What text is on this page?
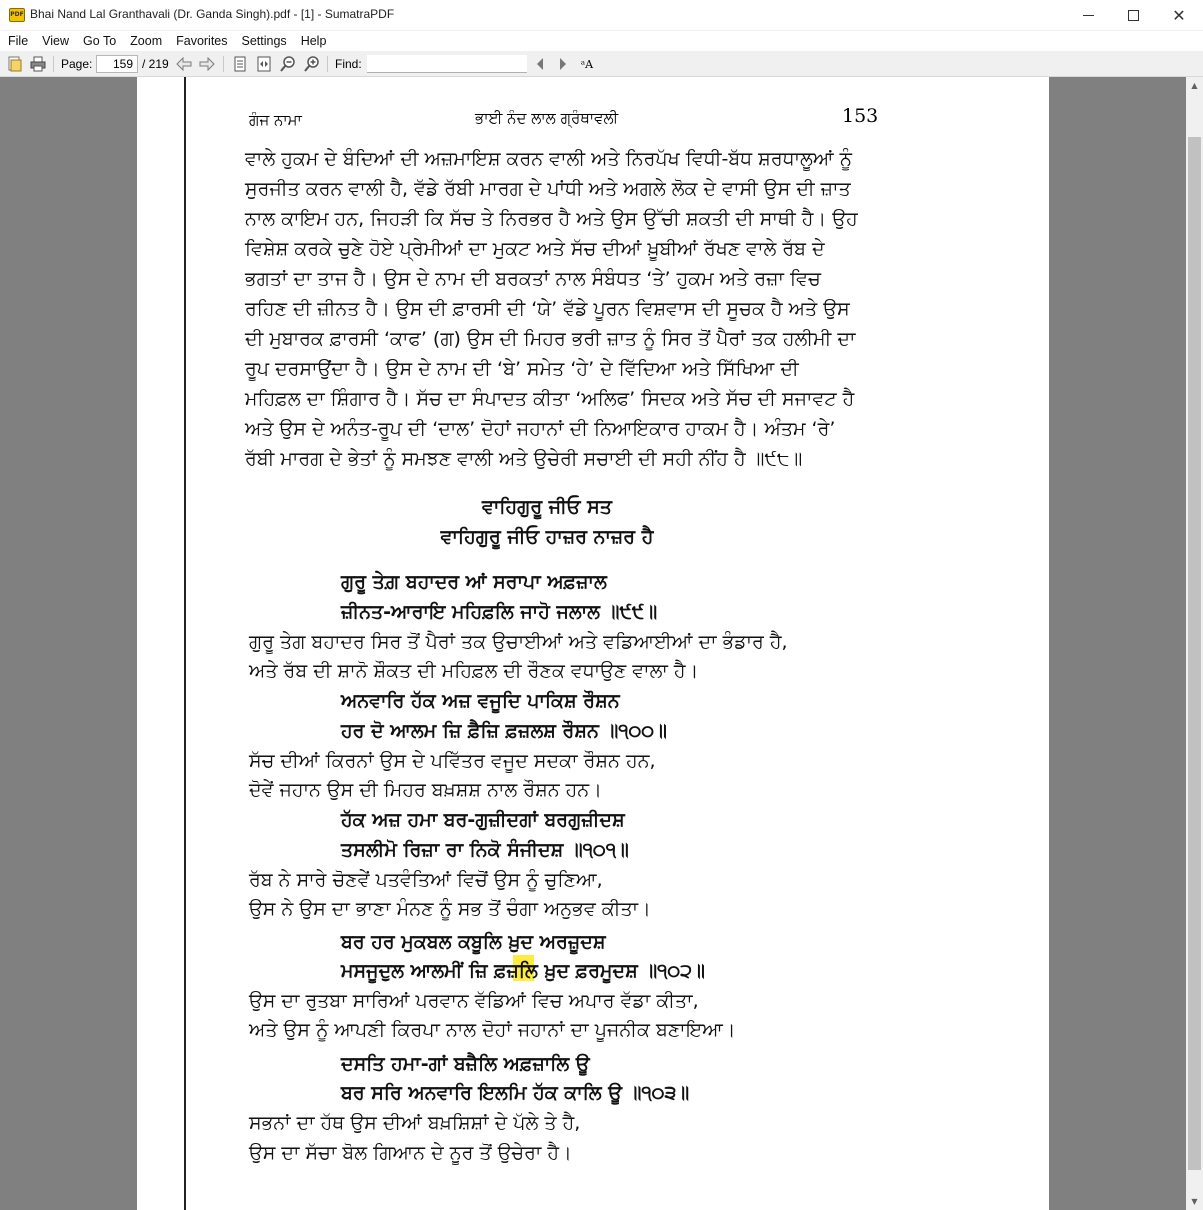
PDF Bhai Nand Lal Granthavali (Dr. Ganda Singh).pdf - [1] - SumatraPDF	✕
File	View	Go To	Zoom	Favorites	Settings	Help
Page:	159 / 219	Find:	ᵃA
ਗੰਜ ਨਾਮਾ	ਭਾਈ ਨੰਦ ਲਾਲ ਗ੍ਰੰਥਾਵਲੀ	153
ਵਾਲੇ ਹੁਕਮ ਦੇ ਬੰਦਿਆਂ ਦੀ ਅਜ਼ਮਾਇਸ਼ ਕਰਨ ਵਾਲੀ ਅਤੇ ਨਿਰਪੱਖ ਵਿਧੀ-ਬੱਧ ਸ਼ਰਧਾਲੂਆਂ ਨੂੰ
ਸੁਰਜੀਤ ਕਰਨ ਵਾਲੀ ਹੈ, ਵੱਡੇ ਰੱਬੀ ਮਾਰਗ ਦੇ ਪਾਂਧੀ ਅਤੇ ਅਗਲੇ ਲੋਕ ਦੇ ਵਾਸੀ ਉਸ ਦੀ ਜ਼ਾਤ
ਨਾਲ ਕਾਇਮ ਹਨ, ਜਿਹੜੀ ਕਿ ਸੱਚ ਤੇ ਨਿਰਭਰ ਹੈ ਅਤੇ ਉਸ ਉੱਚੀ ਸ਼ਕਤੀ ਦੀ ਸਾਥੀ ਹੈ। ਉਹ
ਵਿਸ਼ੇਸ਼ ਕਰਕੇ ਚੁਣੇ ਹੋਏ ਪ੍ਰੇਮੀਆਂ ਦਾ ਮੁਕਟ ਅਤੇ ਸੱਚ ਦੀਆਂ ਖ਼ੂਬੀਆਂ ਰੱਖਣ ਵਾਲੇ ਰੱਬ ਦੇ
ਭਗਤਾਂ ਦਾ ਤਾਜ ਹੈ। ਉਸ ਦੇ ਨਾਮ ਦੀ ਬਰਕਤਾਂ ਨਾਲ ਸੰਬੰਧਤ ‘ਤੇ’ ਹੁਕਮ ਅਤੇ ਰਜ਼ਾ ਵਿਚ
ਰਹਿਣ ਦੀ ਜ਼ੀਨਤ ਹੈ। ਉਸ ਦੀ ਫ਼ਾਰਸੀ ਦੀ ‘ਯੇ’ ਵੱਡੇ ਪੂਰਨ ਵਿਸ਼ਵਾਸ ਦੀ ਸੂਚਕ ਹੈ ਅਤੇ ਉਸ
ਦੀ ਮੁਬਾਰਕ ਫ਼ਾਰਸੀ ‘ਕਾਫ’ (ਗ) ਉਸ ਦੀ ਮਿਹਰ ਭਰੀ ਜ਼ਾਤ ਨੂੰ ਸਿਰ ਤੋਂ ਪੈਰਾਂ ਤਕ ਹਲੀਮੀ ਦਾ
ਰੂਪ ਦਰਸਾਉਂਦਾ ਹੈ। ਉਸ ਦੇ ਨਾਮ ਦੀ ‘ਬੇ’ ਸਮੇਤ ‘ਹੇ’ ਦੇ ਵਿੱਦਿਆ ਅਤੇ ਸਿੱਖਿਆ ਦੀ
ਮਹਿਫ਼ਲ ਦਾ ਸ਼ਿੰਗਾਰ ਹੈ। ਸੱਚ ਦਾ ਸੰਪਾਦਤ ਕੀਤਾ ‘ਅਲਿਫ’ ਸਿਦਕ ਅਤੇ ਸੱਚ ਦੀ ਸਜਾਵਟ ਹੈ
ਅਤੇ ਉਸ ਦੇ ਅਨੰਤ-ਰੂਪ ਦੀ ‘ਦਾਲ’ ਦੋਹਾਂ ਜਹਾਨਾਂ ਦੀ ਨਿਆਇਕਾਰ ਹਾਕਮ ਹੈ। ਅੰਤਮ ‘ਰੇ’
ਰੱਬੀ ਮਾਰਗ ਦੇ ਭੇਤਾਂ ਨੂੰ ਸਮਝਣ ਵਾਲੀ ਅਤੇ ਉਚੇਰੀ ਸਚਾਈ ਦੀ ਸਹੀ ਨੀਂਹ ਹੈ ॥੯੮॥
ਵਾਹਿਗੁਰੂ ਜੀਓ ਸਤ
ਵਾਹਿਗੁਰੂ ਜੀਓ ਹਾਜ਼ਰ ਨਾਜ਼ਰ ਹੈ
ਗੁਰੂ ਤੇਗ਼ ਬਹਾਦਰ ਆਂ ਸਰਾਪਾ ਅਫ਼ਜ਼ਾਲ
ਜ਼ੀਨਤ-ਆਰਾਇ ਮਹਿਫ਼ਲਿ ਜਾਹੋ ਜਲਾਲ ॥੯੯॥
ਗੁਰੂ ਤੇਗ ਬਹਾਦਰ ਸਿਰ ਤੋਂ ਪੈਰਾਂ ਤਕ ਉਚਾਈਆਂ ਅਤੇ ਵਡਿਆਈਆਂ ਦਾ ਭੰਡਾਰ ਹੈ,
ਅਤੇ ਰੱਬ ਦੀ ਸ਼ਾਨੋ ਸ਼ੌਕਤ ਦੀ ਮਹਿਫ਼ਲ ਦੀ ਰੌਣਕ ਵਧਾਉਣ ਵਾਲਾ ਹੈ।
ਅਨਵਾਰਿ ਹੱਕ ਅਜ਼ ਵਜੂਦਿ ਪਾਕਿਸ਼ ਰੌਸ਼ਨ
ਹਰ ਦੋ ਆਲਮ ਜ਼ਿ ਫ਼ੈਜ਼ਿ ਫ਼ਜ਼ਲਸ਼ ਰੌਸ਼ਨ ॥੧੦੦॥
ਸੱਚ ਦੀਆਂ ਕਿਰਨਾਂ ਉਸ ਦੇ ਪਵਿੱਤਰ ਵਜੂਦ ਸਦਕਾ ਰੌਸ਼ਨ ਹਨ,
ਦੋਵੇਂ ਜਹਾਨ ਉਸ ਦੀ ਮਿਹਰ ਬਖ਼ਸ਼ਸ਼ ਨਾਲ ਰੌਸ਼ਨ ਹਨ।
ਹੱਕ ਅਜ਼ ਹਮਾ ਬਰ-ਗੁਜ਼ੀਦਗਾਂ ਬਰਗੁਜ਼ੀਦਸ਼
ਤਸਲੀਮੋ ਰਿਜ਼ਾ ਰਾ ਨਿਕੋ ਸੰਜੀਦਸ਼ ॥੧੦੧॥
ਰੱਬ ਨੇ ਸਾਰੇ ਚੋਣਵੇਂ ਪਤਵੰਤਿਆਂ ਵਿਚੋਂ ਉਸ ਨੂੰ ਚੁਣਿਆ,
ਉਸ ਨੇ ਉਸ ਦਾ ਭਾਣਾ ਮੰਨਣ ਨੂੰ ਸਭ ਤੋਂ ਚੰਗਾ ਅਨੁਭਵ ਕੀਤਾ।
ਬਰ ਹਰ ਮੁਕਬਲ ਕਬੂਲਿ ਖ਼ੁਦ ਅਰਜ਼ੂਦਸ਼
ਮਸਜੂਦੁਲ ਆਲਮੀਂ ਜ਼ਿ ਫ਼ਜ਼ਲਿ ਖ਼ੁਦ ਫ਼ਰਮੂਦਸ਼ ॥੧੦੨॥
ਉਸ ਦਾ ਰੁਤਬਾ ਸਾਰਿਆਂ ਪਰਵਾਨ ਵੱਡਿਆਂ ਵਿਚ ਅਪਾਰ ਵੱਡਾ ਕੀਤਾ,
ਅਤੇ ਉਸ ਨੂੰ ਆਪਣੀ ਕਿਰਪਾ ਨਾਲ ਦੋਹਾਂ ਜਹਾਨਾਂ ਦਾ ਪੂਜਨੀਕ ਬਣਾਇਆ।
ਦਸਤਿ ਹਮਾ-ਗਾਂ ਬਜ਼ੈਲਿ ਅਫ਼ਜ਼ਾਲਿ ਊ
ਬਰ ਸਰਿ ਅਨਵਾਰਿ ਇਲਮਿ ਹੱਕ ਕਾਲਿ ਊ ॥੧੦੩॥
ਸਭਨਾਂ ਦਾ ਹੱਥ ਉਸ ਦੀਆਂ ਬਖ਼ਸ਼ਿਸ਼ਾਂ ਦੇ ਪੱਲੇ ਤੇ ਹੈ,
ਉਸ ਦਾ ਸੱਚਾ ਬੋਲ ਗਿਆਨ ਦੇ ਨੂਰ ਤੋਂ ਉਚੇਰਾ ਹੈ।
▲
▼
